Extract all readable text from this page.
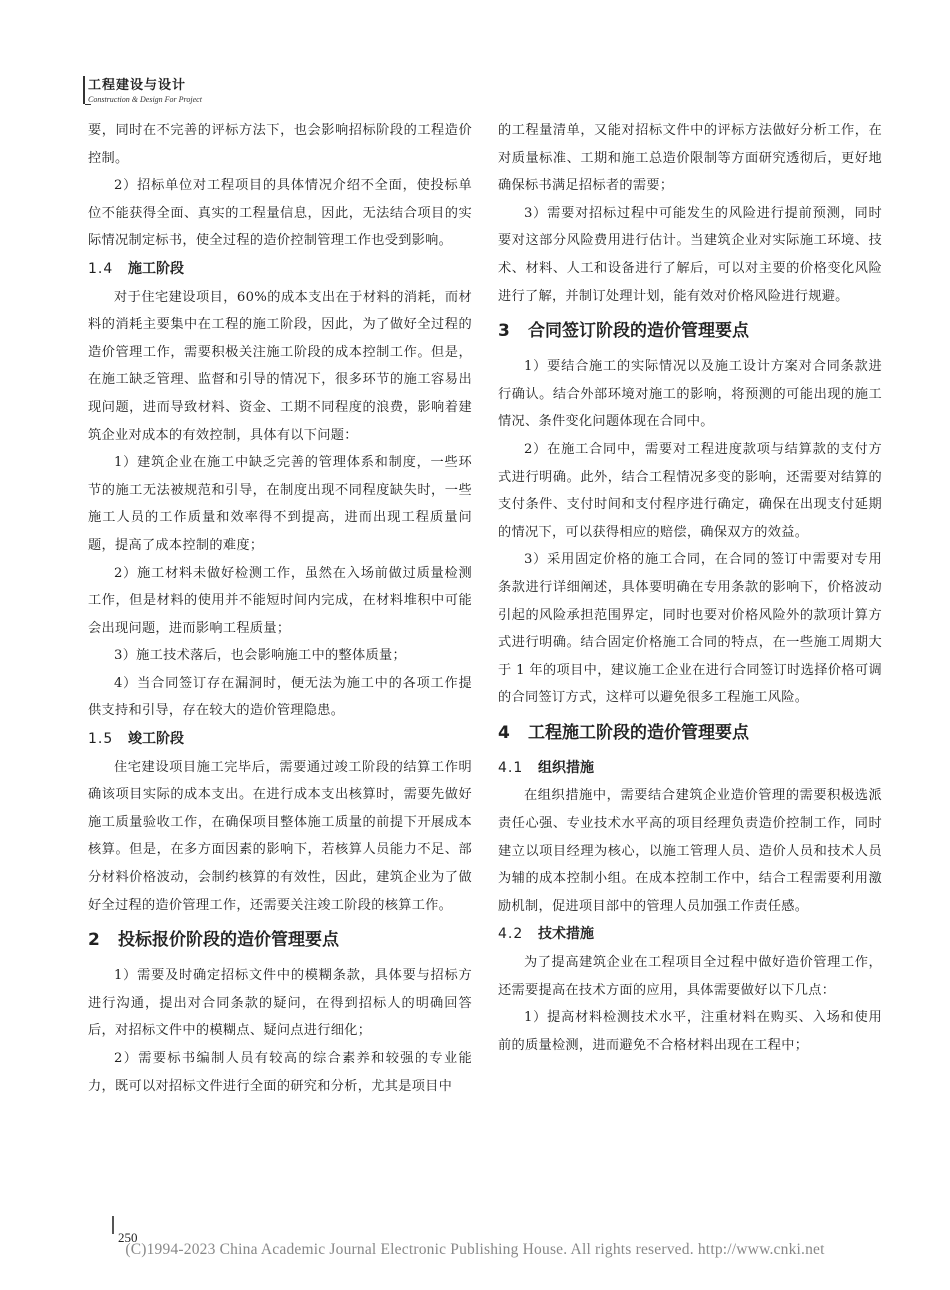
工程建设与设计
Construction & Design For Project

要，同时在不完善的评标方法下，也会影响招标阶段的工程造价控制。

2）招标单位对工程项目的具体情况介绍不全面，使投标单位不能获得全面、真实的工程量信息，因此，无法结合项目的实际情况制定标书，使全过程的造价控制管理工作也受到影响。

1.4 施工阶段

对于住宅建设项目，60%的成本支出在于材料的消耗，而材料的消耗主要集中在工程的施工阶段，因此，为了做好全过程的造价管理工作，需要积极关注施工阶段的成本控制工作。但是，在施工缺乏管理、监督和引导的情况下，很多环节的施工容易出现问题，进而导致材料、资金、工期不同程度的浪费，影响着建筑企业对成本的有效控制，具体有以下问题：

1）建筑企业在施工中缺乏完善的管理体系和制度，一些环节的施工无法被规范和引导，在制度出现不同程度缺失时，一些施工人员的工作质量和效率得不到提高，进而出现工程质量问题，提高了成本控制的难度；

2）施工材料未做好检测工作，虽然在入场前做过质量检测工作，但是材料的使用并不能短时间内完成，在材料堆积中可能会出现问题，进而影响工程质量；

3）施工技术落后，也会影响施工中的整体质量；

4）当合同签订存在漏洞时，便无法为施工中的各项工作提供支持和引导，存在较大的造价管理隐患。

1.5 竣工阶段

住宅建设项目施工完毕后，需要通过竣工阶段的结算工作明确该项目实际的成本支出。在进行成本支出核算时，需要先做好施工质量验收工作，在确保项目整体施工质量的前提下开展成本核算。但是，在多方面因素的影响下，若核算人员能力不足、部分材料价格波动，会制约核算的有效性，因此，建筑企业为了做好全过程的造价管理工作，还需要关注竣工阶段的核算工作。

2 投标报价阶段的造价管理要点

1）需要及时确定招标文件中的模糊条款，具体要与招标方进行沟通，提出对合同条款的疑问，在得到招标人的明确回答后，对招标文件中的模糊点、疑问点进行细化；

2）需要标书编制人员有较高的综合素养和较强的专业能力，既可以对招标文件进行全面的研究和分析，尤其是项目中

的工程量清单，又能对招标文件中的评标方法做好分析工作，在对质量标准、工期和施工总造价限制等方面研究透彻后，更好地确保标书满足招标者的需要；

3）需要对招标过程中可能发生的风险进行提前预测，同时要对这部分风险费用进行估计。当建筑企业对实际施工环境、技术、材料、人工和设备进行了解后，可以对主要的价格变化风险进行了解，并制订处理计划，能有效对价格风险进行规避。

3 合同签订阶段的造价管理要点

1）要结合施工的实际情况以及施工设计方案对合同条款进行确认。结合外部环境对施工的影响，将预测的可能出现的施工情况、条件变化问题体现在合同中。

2）在施工合同中，需要对工程进度款项与结算款的支付方式进行明确。此外，结合工程情况多变的影响，还需要对结算的支付条件、支付时间和支付程序进行确定，确保在出现支付延期的情况下，可以获得相应的赔偿，确保双方的效益。

3）采用固定价格的施工合同，在合同的签订中需要对专用条款进行详细阐述，具体要明确在专用条款的影响下，价格波动引起的风险承担范围界定，同时也要对价格风险外的款项计算方式进行明确。结合固定价格施工合同的特点，在一些施工周期大于 1 年的项目中，建议施工企业在进行合同签订时选择价格可调的合同签订方式，这样可以避免很多工程施工风险。

4 工程施工阶段的造价管理要点
4.1 组织措施

在组织措施中，需要结合建筑企业造价管理的需要积极选派责任心强、专业技术水平高的项目经理负责造价控制工作，同时建立以项目经理为核心，以施工管理人员、造价人员和技术人员为辅的成本控制小组。在成本控制工作中，结合工程需要利用激励机制，促进项目部中的管理人员加强工作责任感。

4.2 技术措施

为了提高建筑企业在工程项目全过程中做好造价管理工作，还需要提高在技术方面的应用，具体需要做好以下几点：

1）提高材料检测技术水平，注重材料在购买、入场和使用前的质量检测，进而避免不合格材料出现在工程中；

250
(C)1994-2023 China Academic Journal Electronic Publishing House. All rights reserved. http://www.cnki.net
